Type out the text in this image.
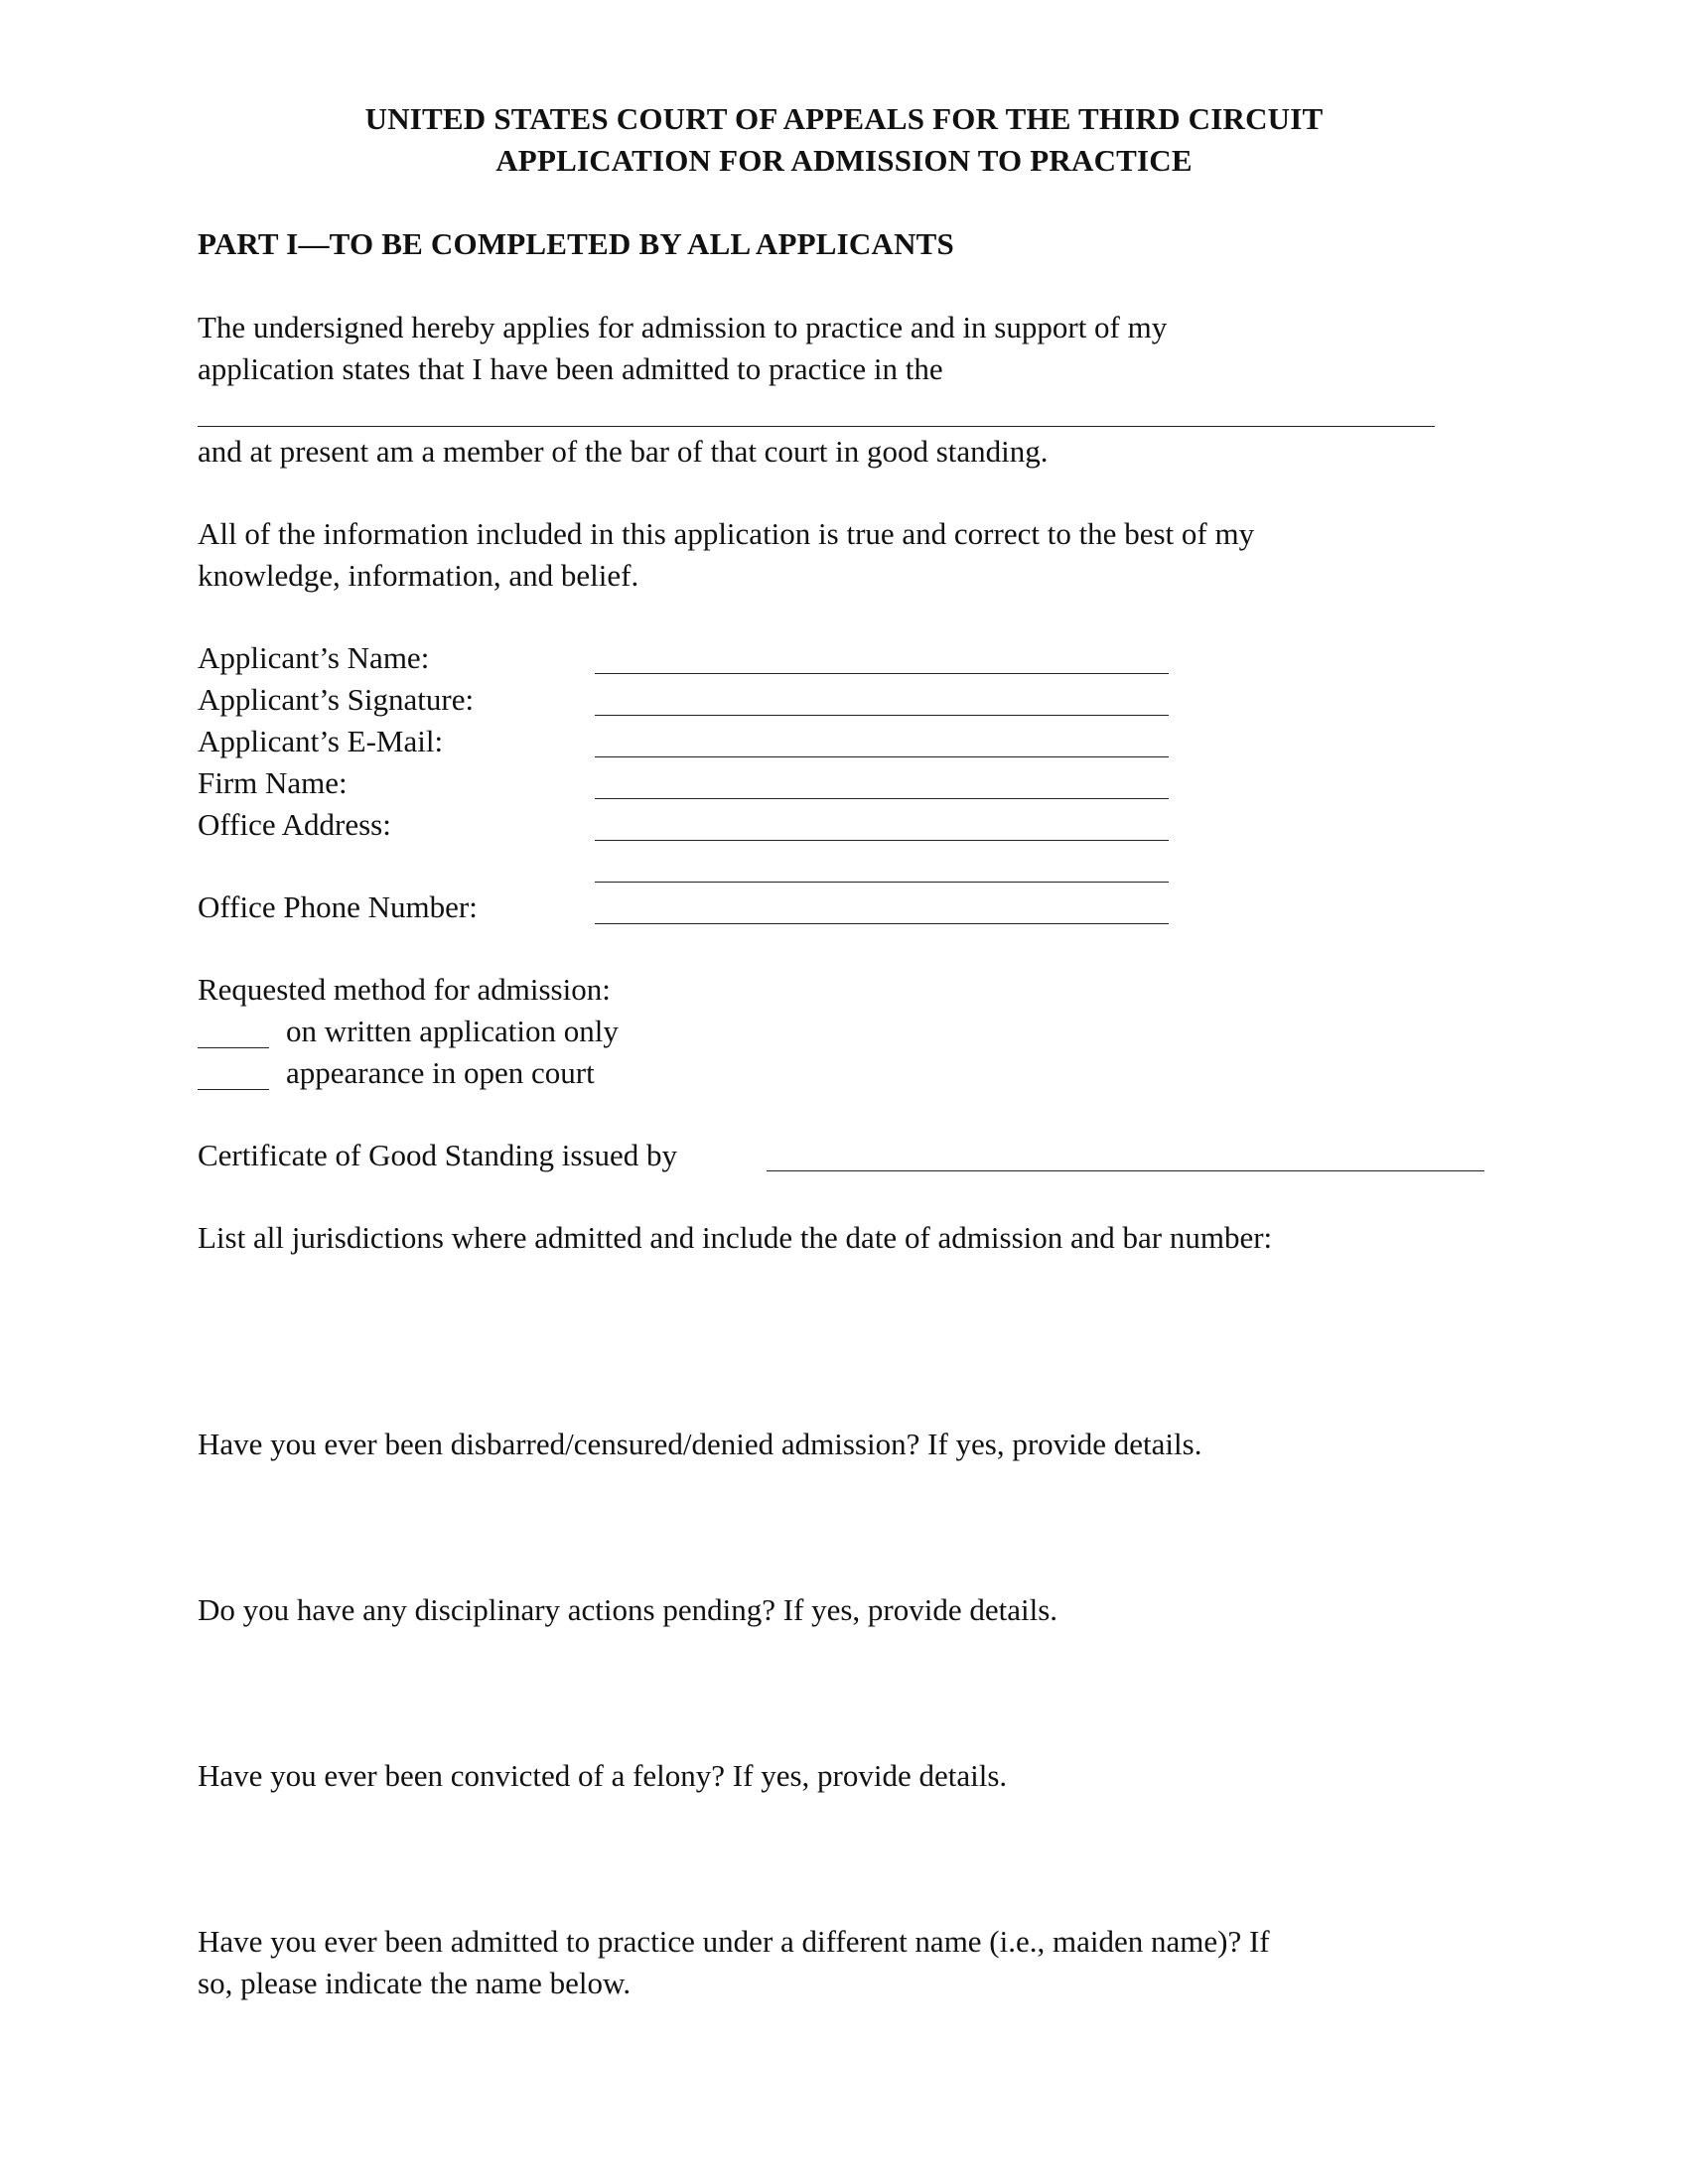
UNITED STATES COURT OF APPEALS FOR THE THIRD CIRCUIT
APPLICATION FOR ADMISSION TO PRACTICE
PART I—TO BE COMPLETED BY ALL APPLICANTS
The undersigned hereby applies for admission to practice and in support of my
application states that I have been admitted to practice in the
and at present am a member of the bar of that court in good standing.
All of the information included in this application is true and correct to the best of my
knowledge, information, and belief.
Applicant’s Name:
Applicant’s Signature:
Applicant’s E-Mail:
Firm Name:
Office Address:
Office Phone Number:
Requested method for admission:
on written application only
appearance in open court
Certificate of Good Standing issued by
List all jurisdictions where admitted and include the date of admission and bar number:
Have you ever been disbarred/censured/denied admission? If yes, provide details.
Do you have any disciplinary actions pending? If yes, provide details.
Have you ever been convicted of a felony? If yes, provide details.
Have you ever been admitted to practice under a different name (i.e., maiden name)? If
so, please indicate the name below.
